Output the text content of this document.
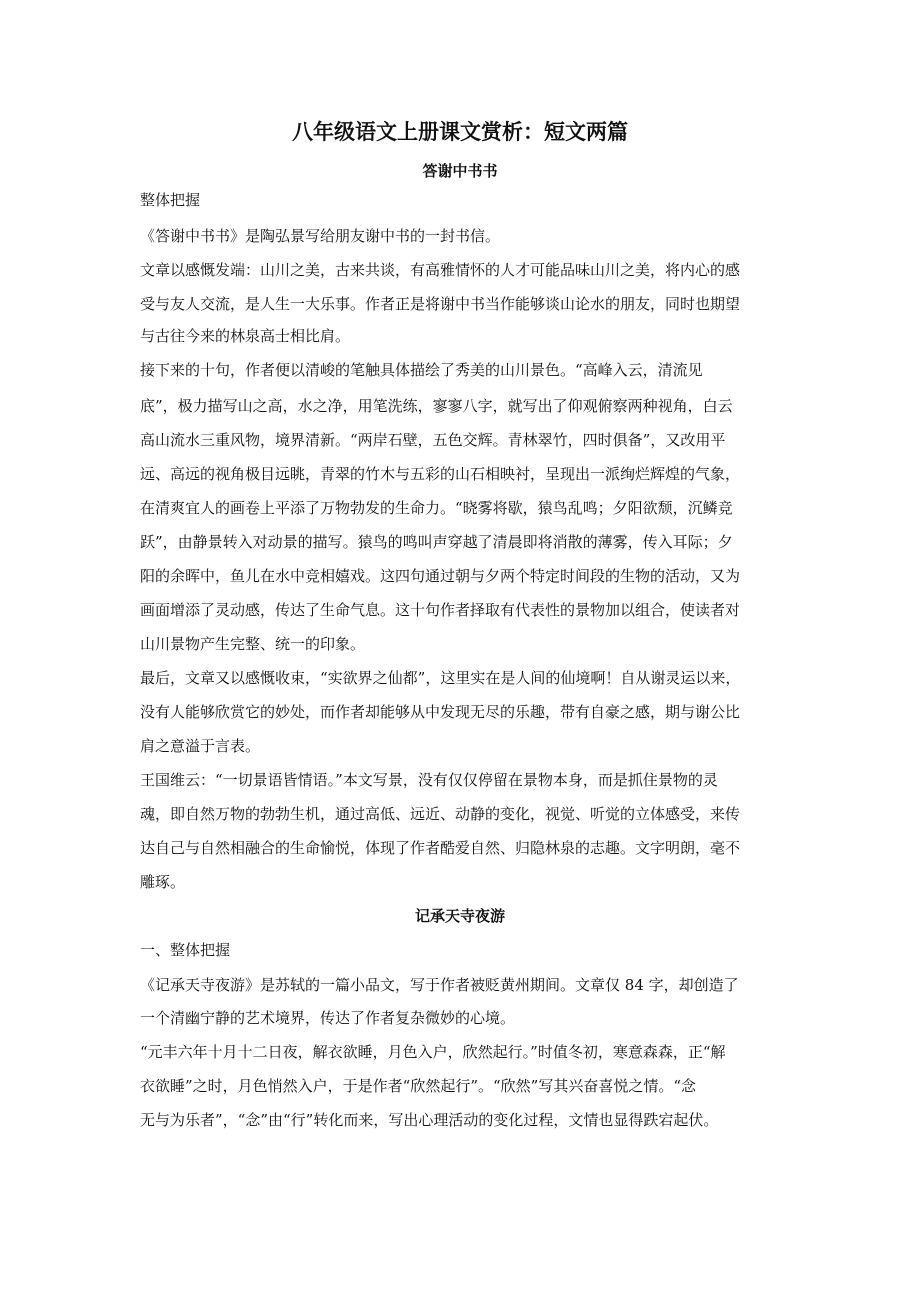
八年级语文上册课文赏析：短文两篇
答谢中书书
整体把握
《答谢中书书》是陶弘景写给朋友谢中书的一封书信。
文章以感慨发端：山川之美，古来共谈，有高雅情怀的人才可能品味山川之美，将内心的感
受与友人交流，是人生一大乐事。作者正是将谢中书当作能够谈山论水的朋友，同时也期望
与古往今来的林泉高士相比肩。
接下来的十句，作者便以清峻的笔触具体描绘了秀美的山川景色。“高峰入云，清流见
底”，极力描写山之高，水之净，用笔洗练，寥寥八字，就写出了仰观俯察两种视角，白云
高山流水三重风物，境界清新。“两岸石壁，五色交辉。青林翠竹，四时俱备”，又改用平
远、高远的视角极目远眺，青翠的竹木与五彩的山石相映衬，呈现出一派绚烂辉煌的气象，
在清爽宜人的画卷上平添了万物勃发的生命力。“晓雾将歇，猿鸟乱鸣；夕阳欲颓，沉鳞竞
跃”，由静景转入对动景的描写。猿鸟的鸣叫声穿越了清晨即将消散的薄雾，传入耳际；夕
阳的余晖中，鱼儿在水中竞相嬉戏。这四句通过朝与夕两个特定时间段的生物的活动，又为
画面增添了灵动感，传达了生命气息。这十句作者择取有代表性的景物加以组合，使读者对
山川景物产生完整、统一的印象。
最后，文章又以感慨收束，“实欲界之仙都”，这里实在是人间的仙境啊！自从谢灵运以来，
没有人能够欣赏它的妙处，而作者却能够从中发现无尽的乐趣，带有自豪之感，期与谢公比
肩之意溢于言表。
王国维云：“一切景语皆情语。”本文写景，没有仅仅停留在景物本身，而是抓住景物的灵
魂，即自然万物的勃勃生机，通过高低、远近、动静的变化，视觉、听觉的立体感受，来传
达自己与自然相融合的生命愉悦，体现了作者酷爱自然、归隐林泉的志趣。文字明朗，毫不
雕琢。
记承天寺夜游
一、整体把握
《记承天寺夜游》是苏轼的一篇小品文，写于作者被贬黄州期间。文章仅 84 字，却创造了
一个清幽宁静的艺术境界，传达了作者复杂微妙的心境。
“元丰六年十月十二日夜，解衣欲睡，月色入户，欣然起行。”时值冬初，寒意森森，正“解
衣欲睡”之时，月色悄然入户，于是作者“欣然起行”。“欣然”写其兴奋喜悦之情。“念
无与为乐者”，“念”由“行”转化而来，写出心理活动的变化过程，文情也显得跌宕起伏。
